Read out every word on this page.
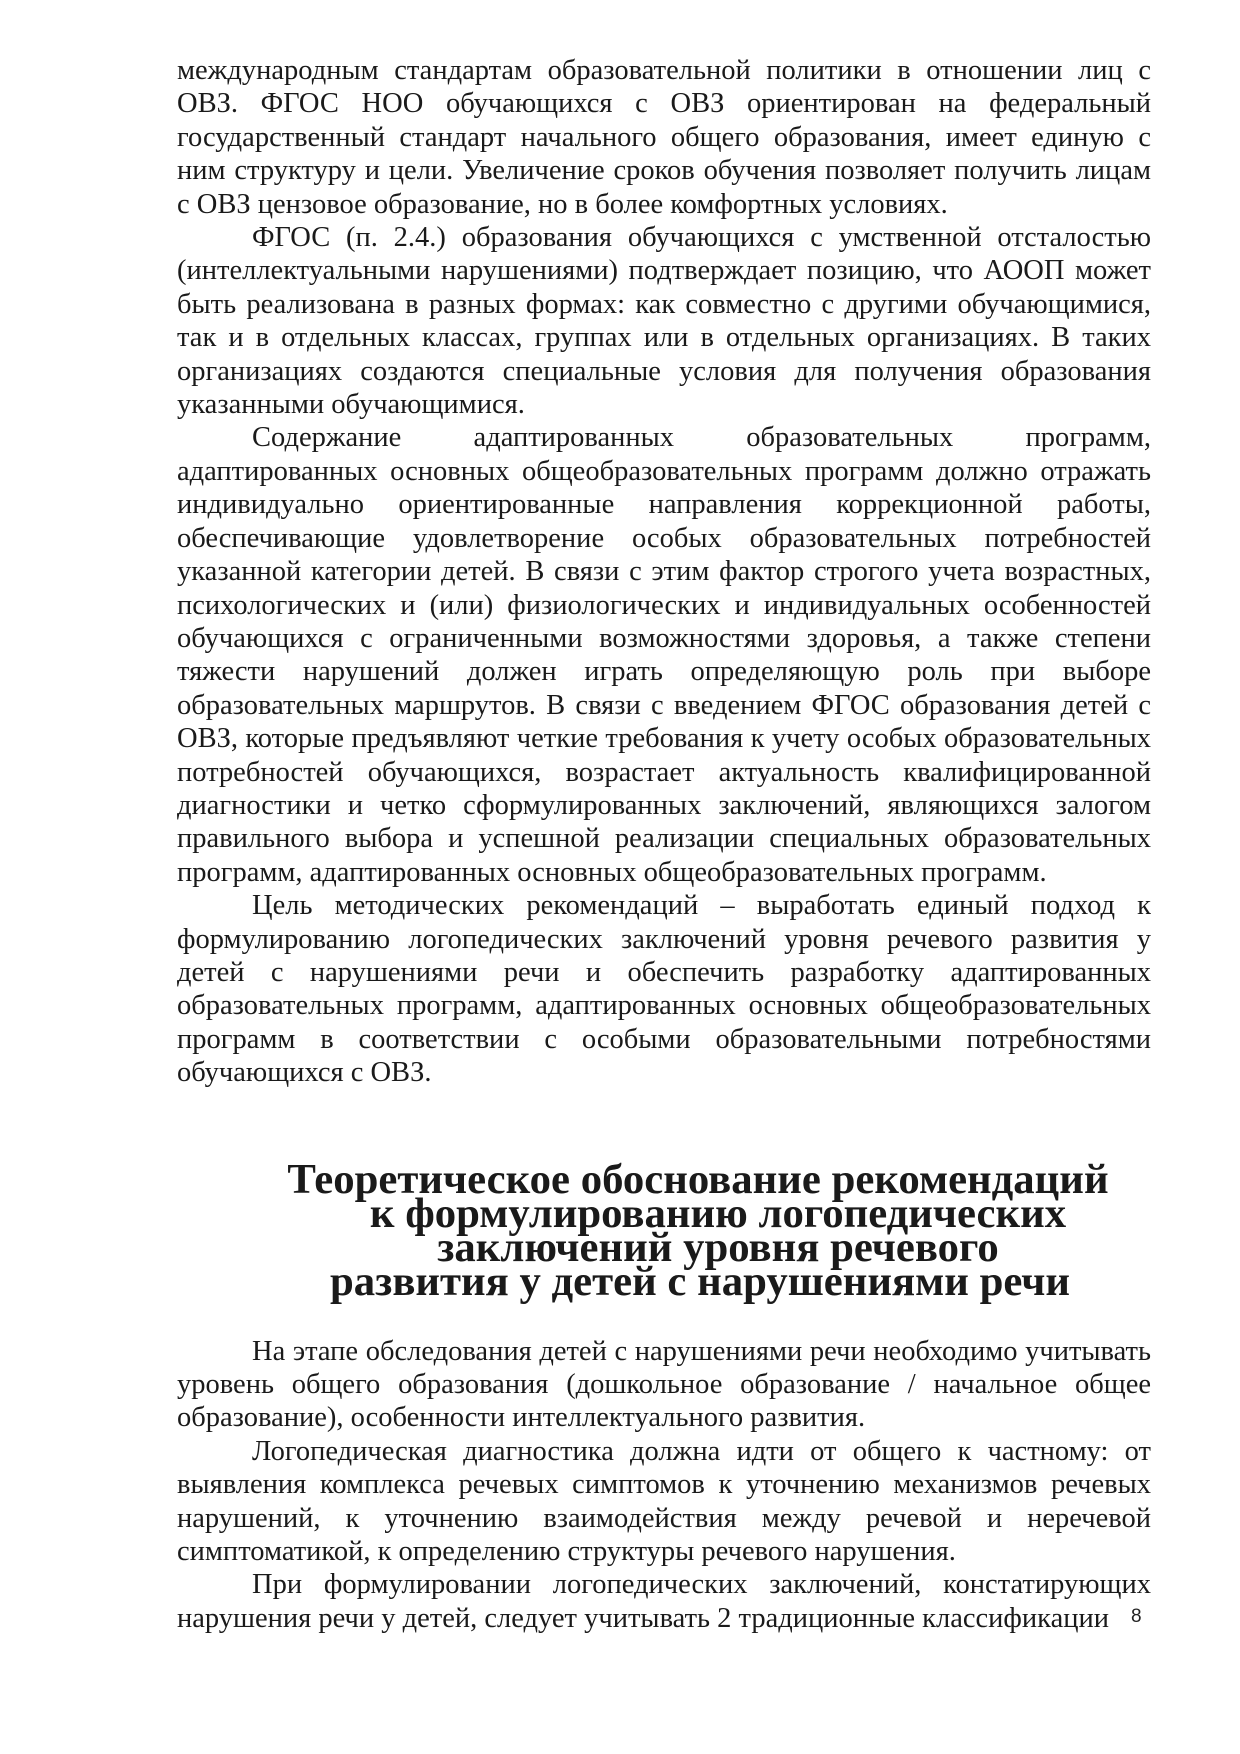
международным стандартам образовательной политики в отношении лиц с ОВЗ. ФГОС НОО обучающихся с ОВЗ ориентирован на федеральный государственный стандарт начального общего образования, имеет единую с ним структуру и цели. Увеличение сроков обучения позволяет получить лицам с ОВЗ цензовое образование, но в более комфортных условиях.

ФГОС (п. 2.4.) образования обучающихся с умственной отсталостью (интеллектуальными нарушениями) подтверждает позицию, что АООП может быть реализована в разных формах: как совместно с другими обучающимися, так и в отдельных классах, группах или в отдельных организациях. В таких организациях создаются специальные условия для получения образования указанными обучающимися.

Содержание адаптированных образовательных программ, адаптированных основных общеобразовательных программ должно отражать индивидуально ориентированные направления коррекционной работы, обеспечивающие удовлетворение особых образовательных потребностей указанной категории детей. В связи с этим фактор строгого учета возрастных, психологических и (или) физиологических и индивидуальных особенностей обучающихся с ограниченными возможностями здоровья, а также степени тяжести нарушений должен играть определяющую роль при выборе образовательных маршрутов. В связи с введением ФГОС образования детей с ОВЗ, которые предъявляют четкие требования к учету особых образовательных потребностей обучающихся, возрастает актуальность квалифицированной диагностики и четко сформулированных заключений, являющихся залогом правильного выбора и успешной реализации специальных образовательных программ, адаптированных основных общеобразовательных программ.

Цель методических рекомендаций – выработать единый подход к формулированию логопедических заключений уровня речевого развития у детей с нарушениями речи и обеспечить разработку адаптированных образовательных программ, адаптированных основных общеобразовательных программ в соответствии с особыми образовательными потребностями обучающихся с ОВЗ.

Теоретическое обоснование рекомендаций
к формулированию логопедических заключений уровня речевого
развития у детей с нарушениями речи

На этапе обследования детей с нарушениями речи необходимо учитывать уровень общего образования (дошкольное образование / начальное общее образование), особенности интеллектуального развития.

Логопедическая диагностика должна идти от общего к частному: от выявления комплекса речевых симптомов к уточнению механизмов речевых нарушений, к уточнению взаимодействия между речевой и неречевой симптоматикой, к определению структуры речевого нарушения.

При формулировании логопедических заключений, констатирующих нарушения речи у детей, следует учитывать 2 традиционные классификации	8
